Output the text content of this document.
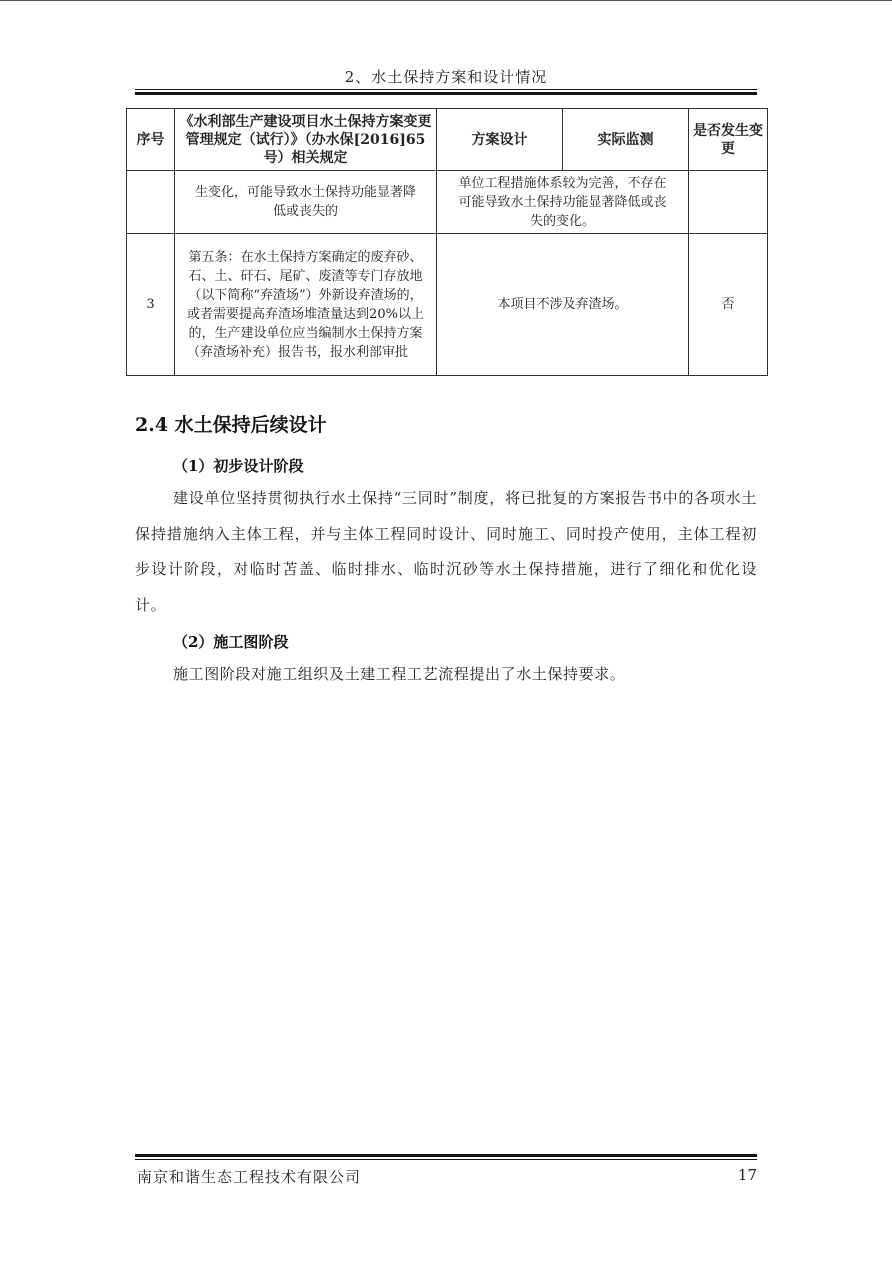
2、水土保持方案和设计情况
序号	《水利部生产建设项目水土保持方案变更管理规定（试行）》（办水保[2016]65号）相关规定	方案设计	实际监测	是否发生变更
	生变化，可能导致水土保持功能显著降低或丧失的	单位工程措施体系较为完善，不存在可能导致水土保持功能显著降低或丧失的变化。		
3	第五条：在水土保持方案确定的废弃砂、石、土、矸石、尾矿、废渣等专门存放地（以下简称“弃渣场”）外新设弃渣场的，或者需要提高弃渣场堆渣量达到20%以上的，生产建设单位应当编制水土保持方案（弃渣场补充）报告书，报水利部审批	本项目不涉及弃渣场。		否
2.4 水土保持后续设计
（1）初步设计阶段
建设单位坚持贯彻执行水土保持“三同时”制度，将已批复的方案报告书中的各项水土保持措施纳入主体工程，并与主体工程同时设计、同时施工、同时投产使用，主体工程初步设计阶段，对临时苫盖、临时排水、临时沉砂等水土保持措施，进行了细化和优化设计。
（2）施工图阶段
施工图阶段对施工组织及土建工程工艺流程提出了水土保持要求。
南京和谐生态工程技术有限公司	17
